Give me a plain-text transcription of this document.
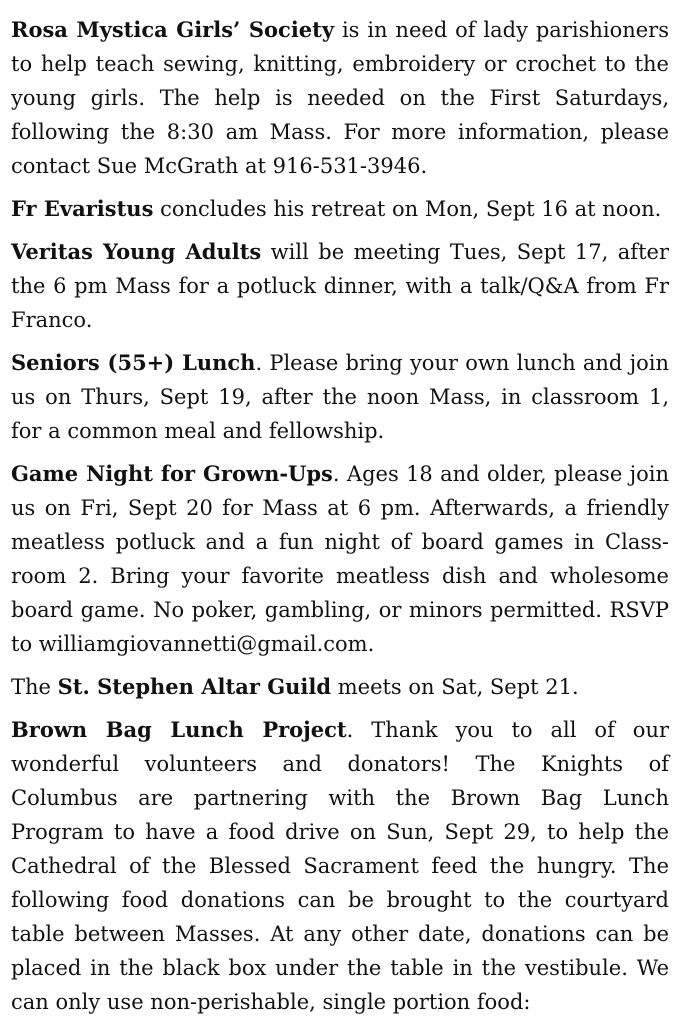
Rosa Mystica Girls’ Society is in need of lady parishioners to help teach sewing, knitting, embroidery or crochet to the young girls. The help is needed on the First Saturdays, following the 8:30 am Mass. For more information, please contact Sue McGrath at 916-531-3946.

Fr Evaristus concludes his retreat on Mon, Sept 16 at noon.

Veritas Young Adults will be meeting Tues, Sept 17, after the 6 pm Mass for a potluck dinner, with a talk/Q&A from Fr Franco.

Seniors (55+) Lunch. Please bring your own lunch and join us on Thurs, Sept 19, after the noon Mass, in classroom 1, for a common meal and fellowship.

Game Night for Grown-Ups. Ages 18 and older, please join us on Fri, Sept 20 for Mass at 6 pm. Afterwards, a friendly meatless potluck and a fun night of board games in Class-room 2. Bring your favorite meatless dish and wholesome board game. No poker, gambling, or minors permitted. RSVP to williamgiovannetti@gmail.com.

The St. Stephen Altar Guild meets on Sat, Sept 21.

Brown Bag Lunch Project. Thank you to all of our wonderful volunteers and donators! The Knights of Columbus are partnering with the Brown Bag Lunch Program to have a food drive on Sun, Sept 29, to help the Cathedral of the Blessed Sacrament feed the hungry. The following food donations can be brought to the courtyard table between Masses. At any other date, donations can be placed in the black box under the table in the vestibule. We can only use non-perishable, single portion food:
